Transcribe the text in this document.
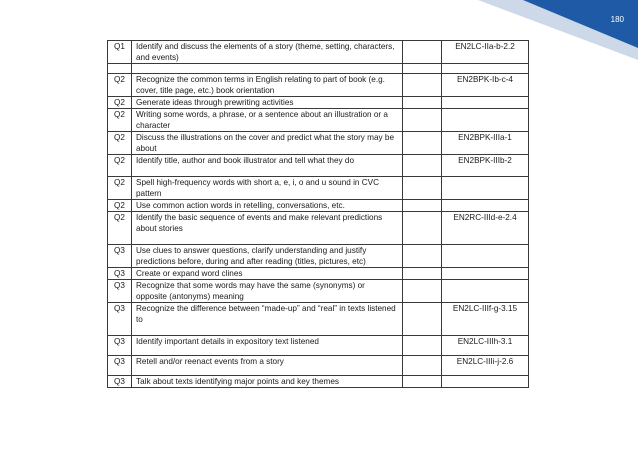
180
Q1	Identify and discuss the elements of a story (theme, setting, characters, and events)		EN2LC-IIa-b-2.2

Q2	Recognize the common terms in English relating to part of book (e.g. cover, title page, etc.) book orientation		EN2BPK-Ib-c-4
Q2	Generate ideas through prewriting activities		
Q2	Writing some words, a phrase, or a sentence about an illustration or a character		
Q2	Discuss the illustrations on the cover and predict what the story may be about		EN2BPK-IIIa-1
Q2	Identify title, author and book illustrator and tell what they do		EN2BPK-IIIb-2
Q2	Spell high-frequency words with short a, e, i, o and u sound in CVC pattern		
Q2	Use common action words in retelling, conversations, etc.		
Q2	Identify the basic sequence of events and make relevant predictions about stories		EN2RC-IIId-e-2.4
Q3	Use clues to answer questions, clarify understanding and justify predictions before, during and after reading (titles, pictures, etc)		
Q3	Create or expand word clines		
Q3	Recognize that some words may have the same (synonyms) or opposite (antonyms) meaning		
Q3	Recognize the difference between “made-up” and “real” in texts listened to		EN2LC-IIIf-g-3.15
Q3	Identify important details in expository text listened		EN2LC-IIIh-3.1
Q3	Retell and/or reenact events from a story		EN2LC-IIIi-j-2.6
Q3	Talk about texts identifying major points and key themes		
